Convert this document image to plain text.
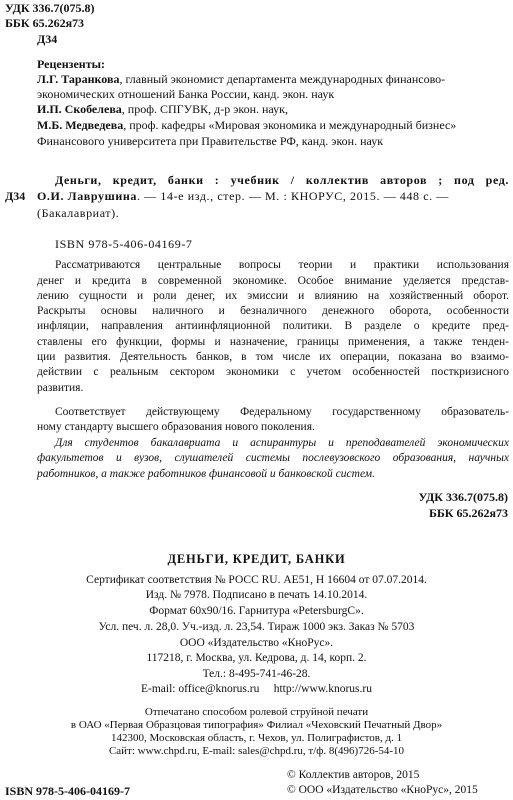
УДК 336.7(075.8)
ББК 65.262я73
Д34
Рецензенты:
Л.Г. Таранкова, главный экономист департамента международных финансово-
экономических отношений Банка России, канд. экон. наук
И.П. Скобелева, проф. СПГУВК, д-р экон. наук,
М.Б. Медведева, проф. кафедры «Мировая экономика и международный бизнес»
Финансового университета при Правительстве РФ, канд. экон. наук
Д34
Деньги, кредит, банки : учебник / коллектив авторов ; под ред.
О.И. Лаврушина. — 14-е изд., стер. — М. : КНОРУС, 2015. — 448 с. —
(Бакалавриат).
ISBN 978-5-406-04169-7
Рассматриваются центральные вопросы теории и практики использования
денег и кредита в современной экономике. Особое внимание уделяется представ-
лению сущности и роли денег, их эмиссии и влиянию на хозяйственный оборот.
Раскрыты основы наличного и безналичного денежного оборота, особенности
инфляции, направления антиинфляционной политики. В разделе о кредите пред-
ставлены его функции, формы и назначение, границы применения, а также тенден-
ции развития. Деятельность банков, в том числе их операции, показана во взаимо-
действии с реальным сектором экономики с учетом особенностей посткризисного
развития.
Соответствует действующему Федеральному государственному образователь-
ному стандарту высшего образования нового поколения.
Для студентов бакалавриата и аспирантуры и преподавателей экономических
факультетов и вузов, слушателей системы послевузовского образования, научных
работников, а также работников финансовой и банковской систем.
УДК 336.7(075.8)
ББК 65.262я73
ДЕНЬГИ, КРЕДИТ, БАНКИ
Сертификат соответствия № РОСС RU. АЕ51, Н 16604 от 07.07.2014.
Изд. № 7978. Подписано в печать 14.10.2014.
Формат 60х90/16. Гарнитура «PetersburgC».
Усл. печ. л. 28,0. Уч.-изд. л. 23,54. Тираж 1000 экз. Заказ № 5703
ООО «Издательство «КноРус».
117218, г. Москва, ул. Кедрова, д. 14, корп. 2.
Тел.: 8-495-741-46-28.
E-mail: office@knorus.ru     http://www.knorus.ru
Отпечатано способом ролевой струйной печати
в ОАО «Первая Образцовая типография» Филиал «Чеховский Печатный Двор»
142300, Московская область, г. Чехов, ул. Полиграфистов, д. 1
Сайт: www.chpd.ru, E-mail: sales@chpd.ru, т/ф. 8(496)726-54-10
ISBN 978-5-406-04169-7
© Коллектив авторов, 2015
© ООО «Издательство «КноРус», 2015
